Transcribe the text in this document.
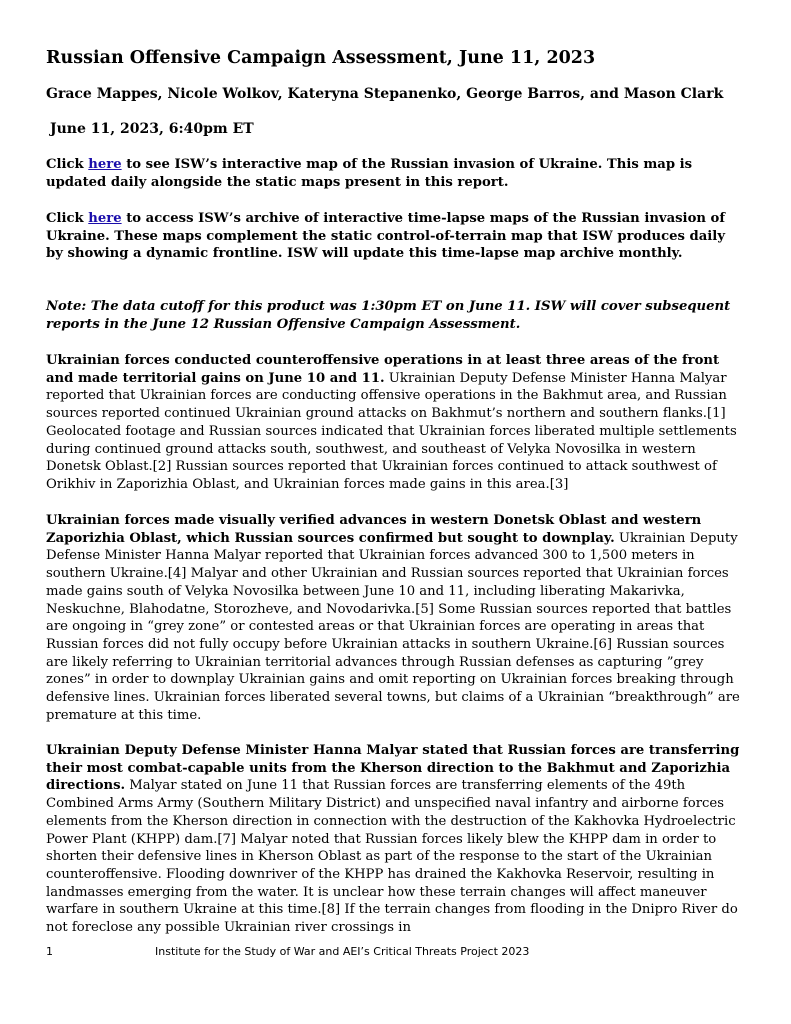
Russian Offensive Campaign Assessment, June 11, 2023
Grace Mappes, Nicole Wolkov, Kateryna Stepanenko, George Barros, and Mason Clark
June 11, 2023, 6:40pm ET
Click here to see ISW’s interactive map of the Russian invasion of Ukraine. This map is updated daily alongside the static maps present in this report.
Click here to access ISW’s archive of interactive time-lapse maps of the Russian invasion of Ukraine. These maps complement the static control-of-terrain map that ISW produces daily by showing a dynamic frontline. ISW will update this time-lapse map archive monthly.
Note: The data cutoff for this product was 1:30pm ET on June 11. ISW will cover subsequent reports in the June 12 Russian Offensive Campaign Assessment.
Ukrainian forces conducted counteroffensive operations in at least three areas of the front and made territorial gains on June 10 and 11. Ukrainian Deputy Defense Minister Hanna Malyar reported that Ukrainian forces are conducting offensive operations in the Bakhmut area, and Russian sources reported continued Ukrainian ground attacks on Bakhmut’s northern and southern flanks.[1] Geolocated footage and Russian sources indicated that Ukrainian forces liberated multiple settlements during continued ground attacks south, southwest, and southeast of Velyka Novosilka in western Donetsk Oblast.[2] Russian sources reported that Ukrainian forces continued to attack southwest of Orikhiv in Zaporizhia Oblast, and Ukrainian forces made gains in this area.[3]
Ukrainian forces made visually verified advances in western Donetsk Oblast and western Zaporizhia Oblast, which Russian sources confirmed but sought to downplay. Ukrainian Deputy Defense Minister Hanna Malyar reported that Ukrainian forces advanced 300 to 1,500 meters in southern Ukraine.[4] Malyar and other Ukrainian and Russian sources reported that Ukrainian forces made gains south of Velyka Novosilka between June 10 and 11, including liberating Makarivka, Neskuchne, Blahodatne, Storozheve, and Novodarivka.[5] Some Russian sources reported that battles are ongoing in “grey zone” or contested areas or that Ukrainian forces are operating in areas that Russian forces did not fully occupy before Ukrainian attacks in southern Ukraine.[6] Russian sources are likely referring to Ukrainian territorial advances through Russian defenses as capturing ”grey zones” in order to downplay Ukrainian gains and omit reporting on Ukrainian forces breaking through defensive lines. Ukrainian forces liberated several towns, but claims of a Ukrainian “breakthrough” are premature at this time.
Ukrainian Deputy Defense Minister Hanna Malyar stated that Russian forces are transferring their most combat-capable units from the Kherson direction to the Bakhmut and Zaporizhia directions. Malyar stated on June 11 that Russian forces are transferring elements of the 49th Combined Arms Army (Southern Military District) and unspecified naval infantry and airborne forces elements from the Kherson direction in connection with the destruction of the Kakhovka Hydroelectric Power Plant (KHPP) dam.[7] Malyar noted that Russian forces likely blew the KHPP dam in order to shorten their defensive lines in Kherson Oblast as part of the response to the start of the Ukrainian counteroffensive. Flooding downriver of the KHPP has drained the Kakhovka Reservoir, resulting in landmasses emerging from the water. It is unclear how these terrain changes will affect maneuver warfare in southern Ukraine at this time.[8] If the terrain changes from flooding in the Dnipro River do not foreclose any possible Ukrainian river crossings in
1	Institute for the Study of War and AEI’s Critical Threats Project 2023
